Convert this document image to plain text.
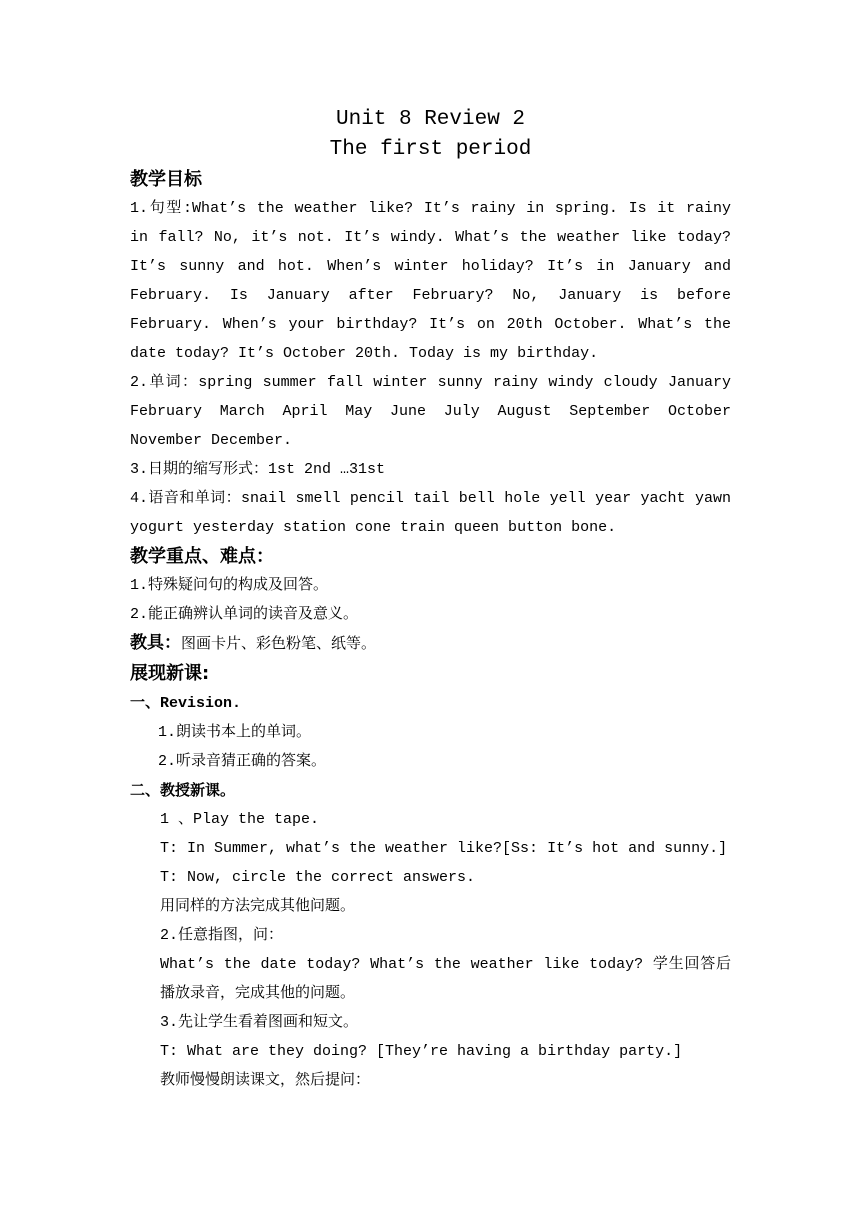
Unit 8 Review 2
The first period
教学目标
1.句型:What’s the weather like? It’s rainy in spring. Is it rainy in fall? No, it’s not. It’s windy. What’s the weather like today? It’s sunny and hot. When’s winter holiday? It’s in January and February. Is January after February? No, January is before February. When’s your birthday? It’s on 20th October. What’s the date today? It’s October 20th. Today is my birthday.
2.单词：spring summer fall winter sunny rainy windy cloudy January February March April May June July August September October November December.
3.日期的缩写形式：1st 2nd …31st
4.语音和单词：snail smell pencil tail bell hole yell year yacht yawn yogurt yesterday station cone train queen button bone.
教学重点、难点：
1.特殊疑问句的构成及回答。
2.能正确辨认单词的读音及意义。
教具：图画卡片、彩色粉笔、纸等。
展现新课:
一、Revision.
1.朗读书本上的单词。
2.听录音猜正确的答案。
二、教授新课。
1 、Play the tape.
T: In Summer, what’s the weather like?[Ss: It’s hot and sunny.]
T: Now, circle the correct answers.
用同样的方法完成其他问题。
2.任意指图，问：
What’s the date today? What’s the weather like today? 学生回答后播放录音，完成其他的问题。
3.先让学生看着图画和短文。
T: What are they doing? [They’re having a birthday party.]
教师慢慢朗读课文，然后提问：
